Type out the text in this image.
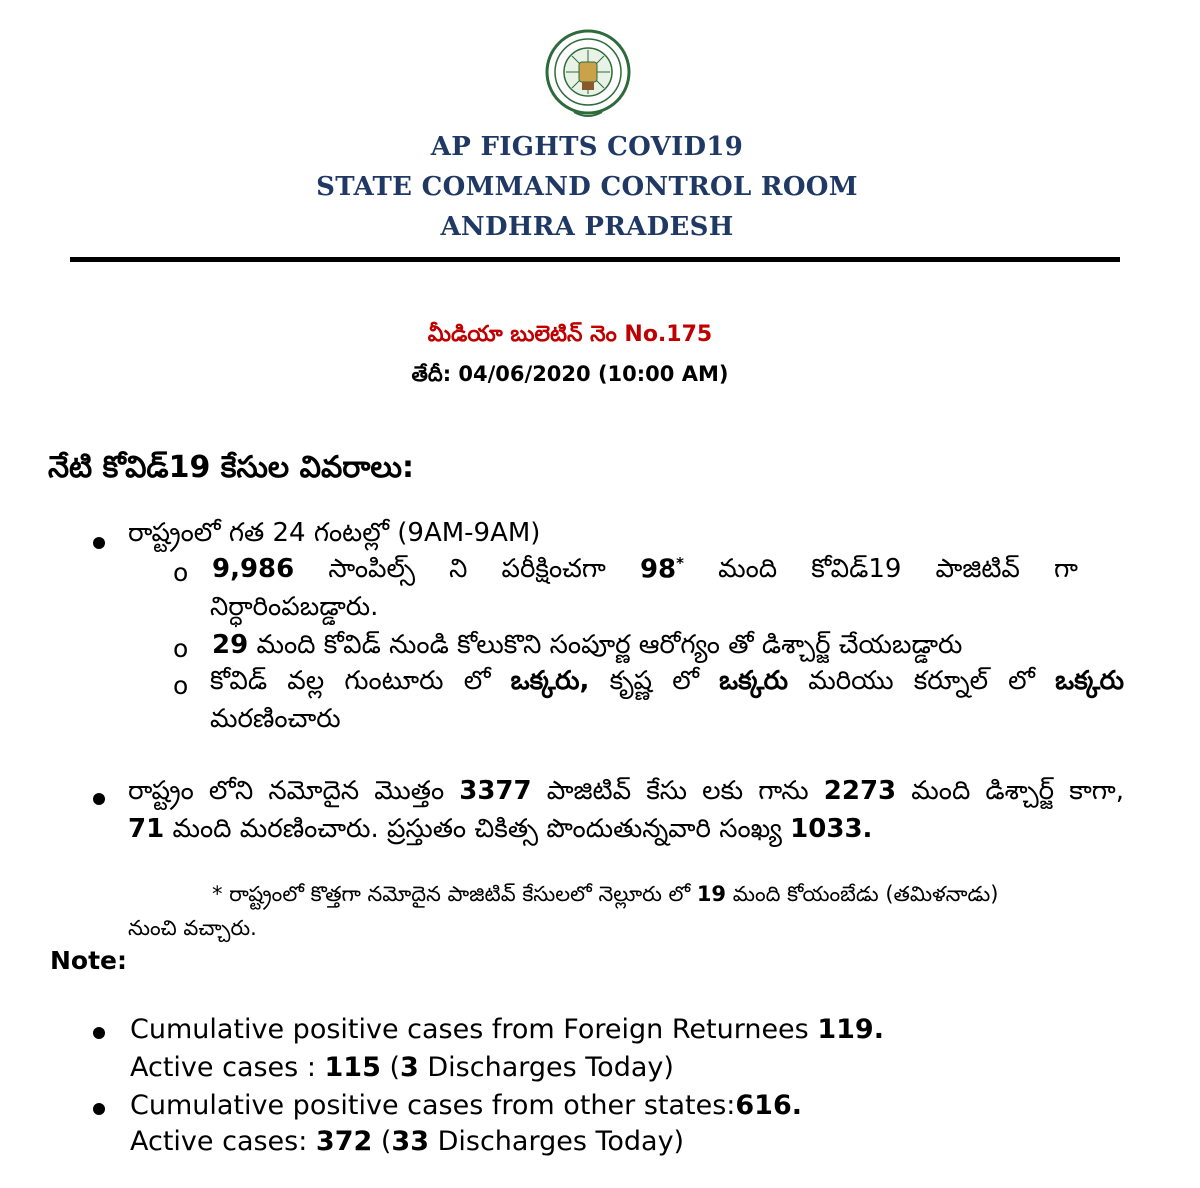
AP FIGHTS COVID19
STATE COMMAND CONTROL ROOM
ANDHRA PRADESH
మీడియా బులెటిన్ నెం No.175
తేదీ: 04/06/2020 (10:00 AM)
నేటి కోవిడ్19 కేసుల వివరాలు:
రాష్ట్రంలో గత 24 గంటల్లో (9AM-9AM)
o 9,986 సాంపిల్స్ ని పరీక్షించగా 98* మంది కోవిడ్19 పాజిటివ్ గా
నిర్ధారింపబడ్డారు.
o 29 మంది కోవిడ్ నుండి కోలుకొని సంపూర్ణ ఆరోగ్యం తో డిశ్చార్జ్ చేయబడ్డారు
o కోవిడ్ వల్ల గుంటూరు లో ఒక్కరు, కృష్ణ లో ఒక్కరు మరియు కర్నూల్ లో ఒక్కరు
మరణించారు
రాష్ట్రం లోని నమోదైన మొత్తం 3377 పాజిటివ్ కేసు లకు గాను 2273 మంది డిశ్చార్జ్ కాగా,
71 మంది మరణించారు. ప్రస్తుతం చికిత్స పొందుతున్నవారి సంఖ్య 1033.
* రాష్ట్రంలో కొత్తగా నమోదైన పాజిటివ్ కేసులలో నెల్లూరు లో 19 మంది కోయంబేడు (తమిళనాడు)
నుంచి వచ్చారు.
Note:
Cumulative positive cases from Foreign Returnees 119.
Active cases : 115 (3 Discharges Today)
Cumulative positive cases from other states:616.
Active cases: 372 (33 Discharges Today)
